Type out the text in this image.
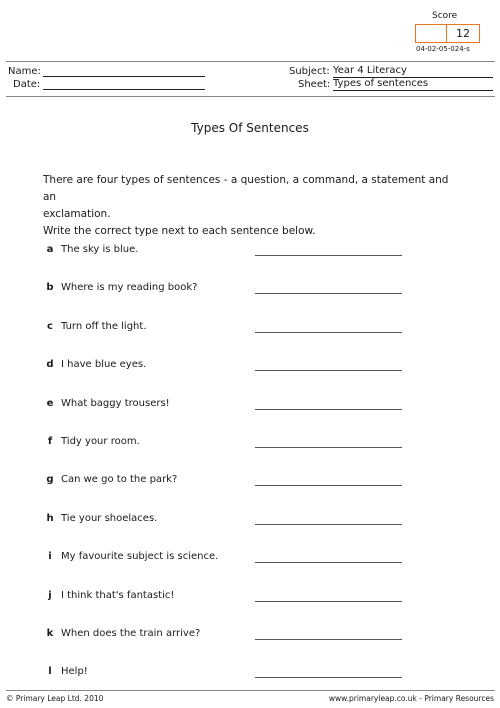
Score
12
04-02-05-024-s
Name:
Date:
Subject: Year 4 Literacy
Sheet: Types of sentences
Types Of Sentences
There are four types of sentences - a question, a command, a statement and an
exclamation.
Write the correct type next to each sentence below.
a The sky is blue.
b Where is my reading book?
c Turn off the light.
d I have blue eyes.
e What baggy trousers!
f Tidy your room.
g Can we go to the park?
h Tie your shoelaces.
i My favourite subject is science.
j I think that's fantastic!
k When does the train arrive?
l Help!
© Primary Leap Ltd. 2010	www.primaryleap.co.uk - Primary Resources
